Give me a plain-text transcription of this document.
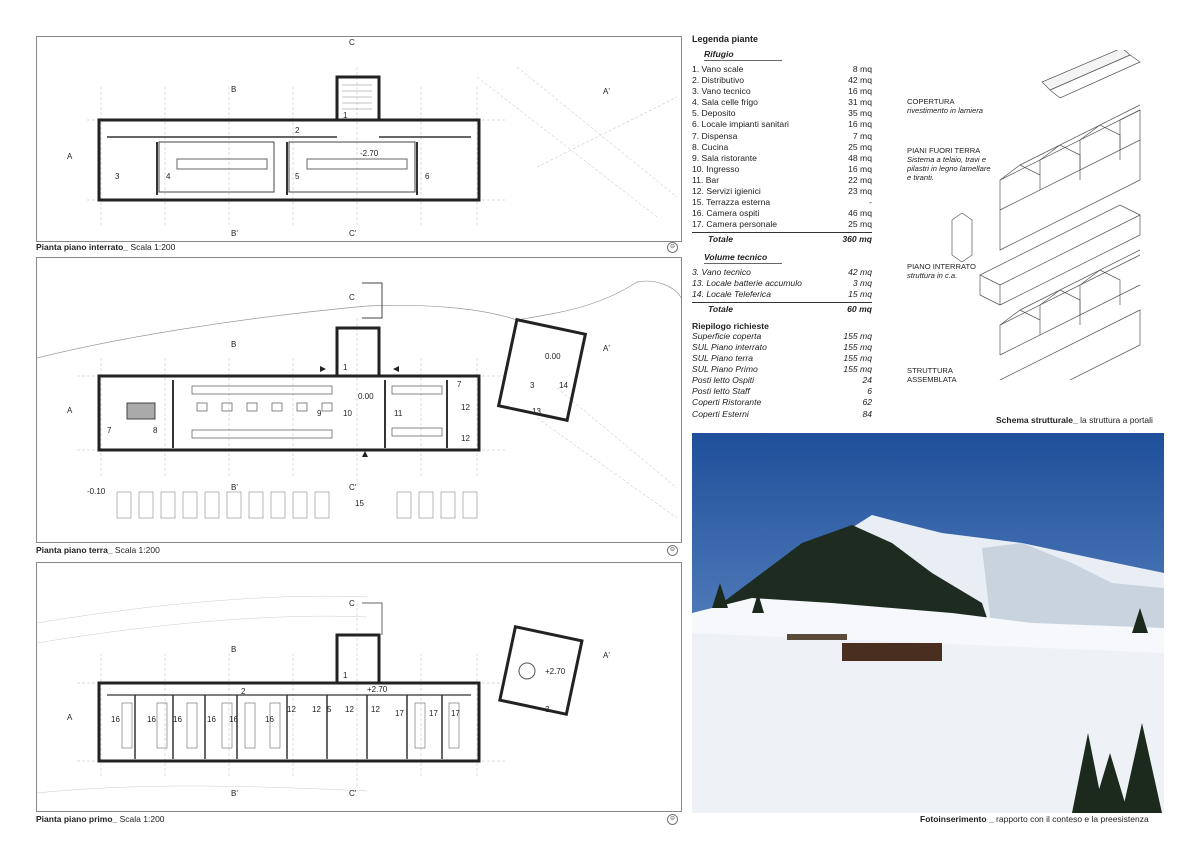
C
B
A
A'
B'	C'
-2.70
1
2
3	4	5	6
Pianta piano interrato_ Scala 1:200	⊖
C
B
A
A'
B'	C'
0.00
0.00
-0.10
1
7	8
9	10	11
7
12
12
3	14
13
15
Pianta piano terra_ Scala 1:200	⊖
C
B
A
A'
B'	C'
+2.70
+2.70
1
2
16	16 16	16 16	16
12 12 5 12 12 17	17 17	3
Pianta piano primo_ Scala 1:200	⊖
Legenda piante
Rifugio
1. Vano scale	8 mq
2. Distributivo	42 mq
3. Vano tecnico	16 mq
4. Sala celle frigo	31 mq
5. Deposito	35 mq
6. Locale impianti sanitari	16 mq
7. Dispensa	7 mq
8. Cucina	25 mq
9. Sala ristorante	48 mq
10. Ingresso	16 mq
11. Bar	22 mq
12. Servizi igienici	23 mq
15. Terrazza esterna	-
16. Camera ospiti	46 mq
17. Camera personale	25 mq
Totale	360 mq
Volume tecnico
3. Vano tecnico	42 mq
13. Locale batterie accumulo	3 mq
14. Locale Teleferica	15 mq
Totale	60 mq
Riepilogo richieste
Superficie coperta	155 mq
SUL Piano interrato	155 mq
SUL Piano terra	155 mq
SUL Piano Primo	155 mq
Posti letto Ospiti	24
Posti letto Staff	6
Coperti Ristorante	62
Coperti Esterni	84
COPERTURA
rivestimento in lamiera
PIANI FUORI TERRA
Sistema a telaio, travi e pilastri in legno lamellare e tiranti.
PIANO INTERRATO
struttura in c.a.
STRUTTURA
ASSEMBLATA
Schema strutturale_ la struttura a portali
Fotoinserimento _ rapporto con il conteso e la preesistenza
